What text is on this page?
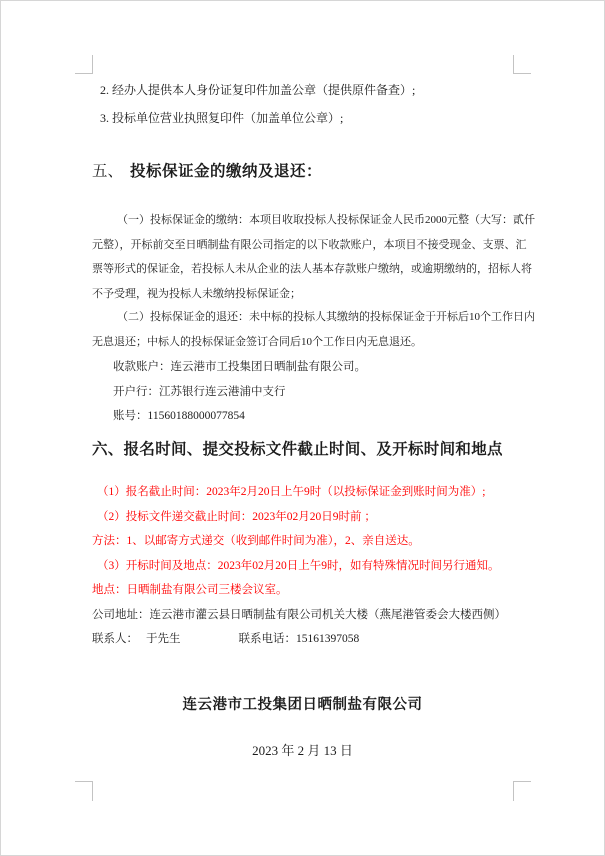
2. 经办人提供本人身份证复印件加盖公章（提供原件备查）;
3. 投标单位营业执照复印件（加盖单位公章）;
五、 投标保证金的缴纳及退还：
（一）投标保证金的缴纳：本项目收取投标人投标保证金人民币2000元整（大写：貳仟
元整），开标前交至日晒制盐有限公司指定的以下收款账户，本项目不接受现金、支票、汇
票等形式的保证金，若投标人未从企业的法人基本存款账户缴纳，或逾期缴纳的，招标人将
不予受理，视为投标人未缴纳投标保证金；
（二）投标保证金的退还：未中标的投标人其缴纳的投标保证金于开标后10个工作日内
无息退还；中标人的投标保证金签订合同后10个工作日内无息退还。
收款账户：连云港市工投集团日晒制盐有限公司。
开户行：江苏银行连云港浦中支行
账号：11560188000077854
六、报名时间、提交投标文件截止时间、及开标时间和地点
（1）报名截止时间：2023年2月20日上午9时（以投标保证金到账时间为准）;
（2）投标文件递交截止时间：2023年02月20日9时前 ；
方法：1、以邮寄方式递交（收到邮件时间为准），2、亲自送达。
（3）开标时间及地点：2023年02月20日上午9时，如有特殊情况时间另行通知。
地点：日晒制盐有限公司三楼会议室。
公司地址：连云港市灌云县日晒制盐有限公司机关大楼（燕尾港管委会大楼西侧）
联系人： 于先生	联系电话：15161397058
连云港市工投集团日晒制盐有限公司
2023 年 2 月 13 日
